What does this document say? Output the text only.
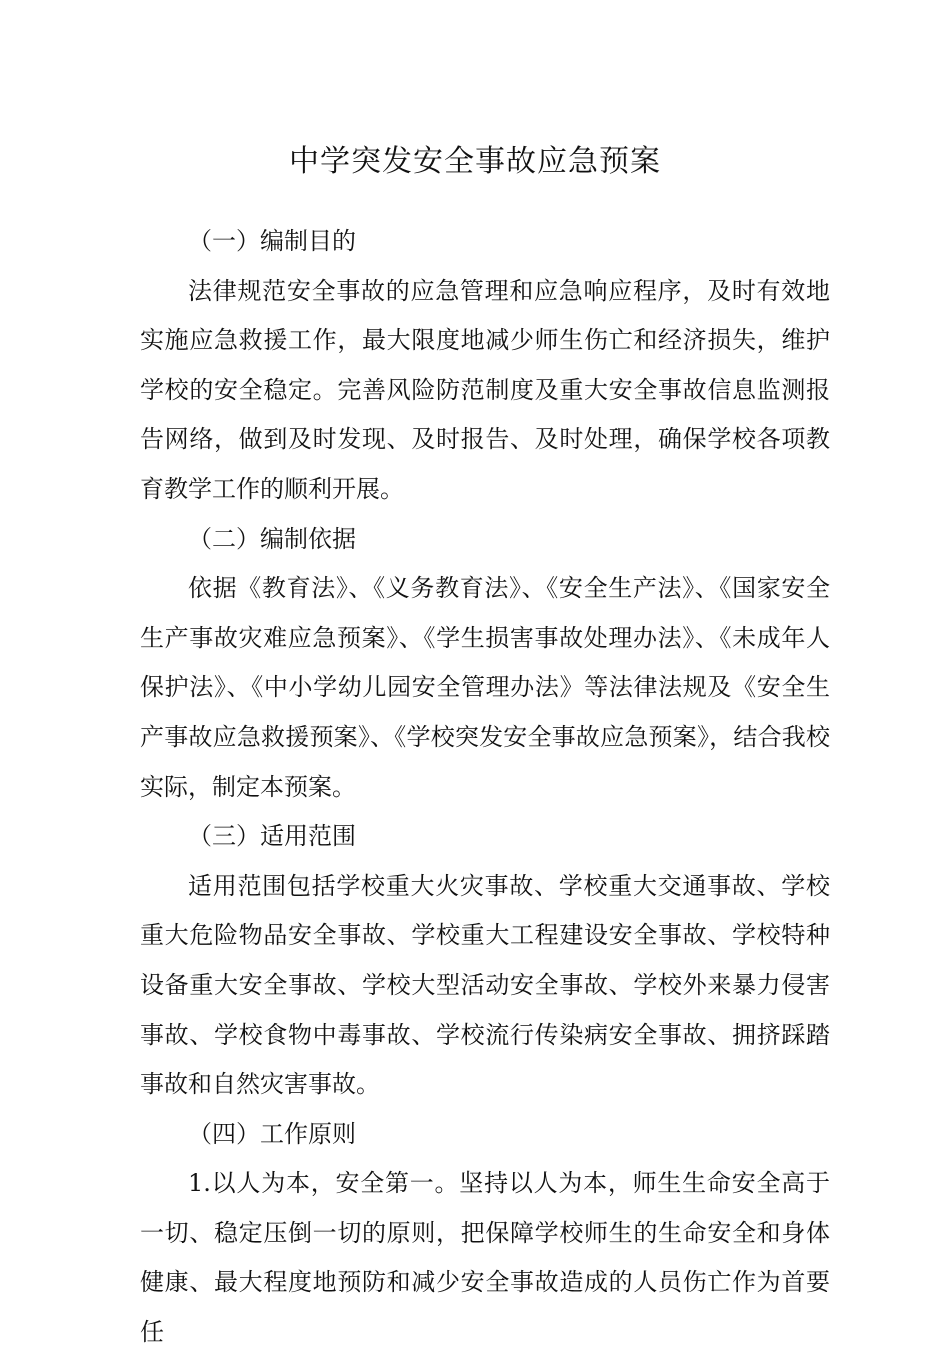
中学突发安全事故应急预案

（一）编制目的

法律规范安全事故的应急管理和应急响应程序，及时有效地实施应急救援工作，最大限度地减少师生伤亡和经济损失，维护学校的安全稳定。完善风险防范制度及重大安全事故信息监测报告网络，做到及时发现、及时报告、及时处理，确保学校各项教育教学工作的顺利开展。

（二）编制依据

依据《教育法》、《义务教育法》、《安全生产法》、《国家安全生产事故灾难应急预案》、《学生损害事故处理办法》、《未成年人保护法》、《中小学幼儿园安全管理办法》等法律法规及《安全生产事故应急救援预案》、《学校突发安全事故应急预案》，结合我校实际，制定本预案。

（三）适用范围

适用范围包括学校重大火灾事故、学校重大交通事故、学校重大危险物品安全事故、学校重大工程建设安全事故、学校特种设备重大安全事故、学校大型活动安全事故、学校外来暴力侵害事故、学校食物中毒事故、学校流行传染病安全事故、拥挤踩踏事故和自然灾害事故。

（四）工作原则

1.以人为本，安全第一。坚持以人为本，师生生命安全高于一切、稳定压倒一切的原则，把保障学校师生的生命安全和身体健康、最大程度地预防和减少安全事故造成的人员伤亡作为首要任
